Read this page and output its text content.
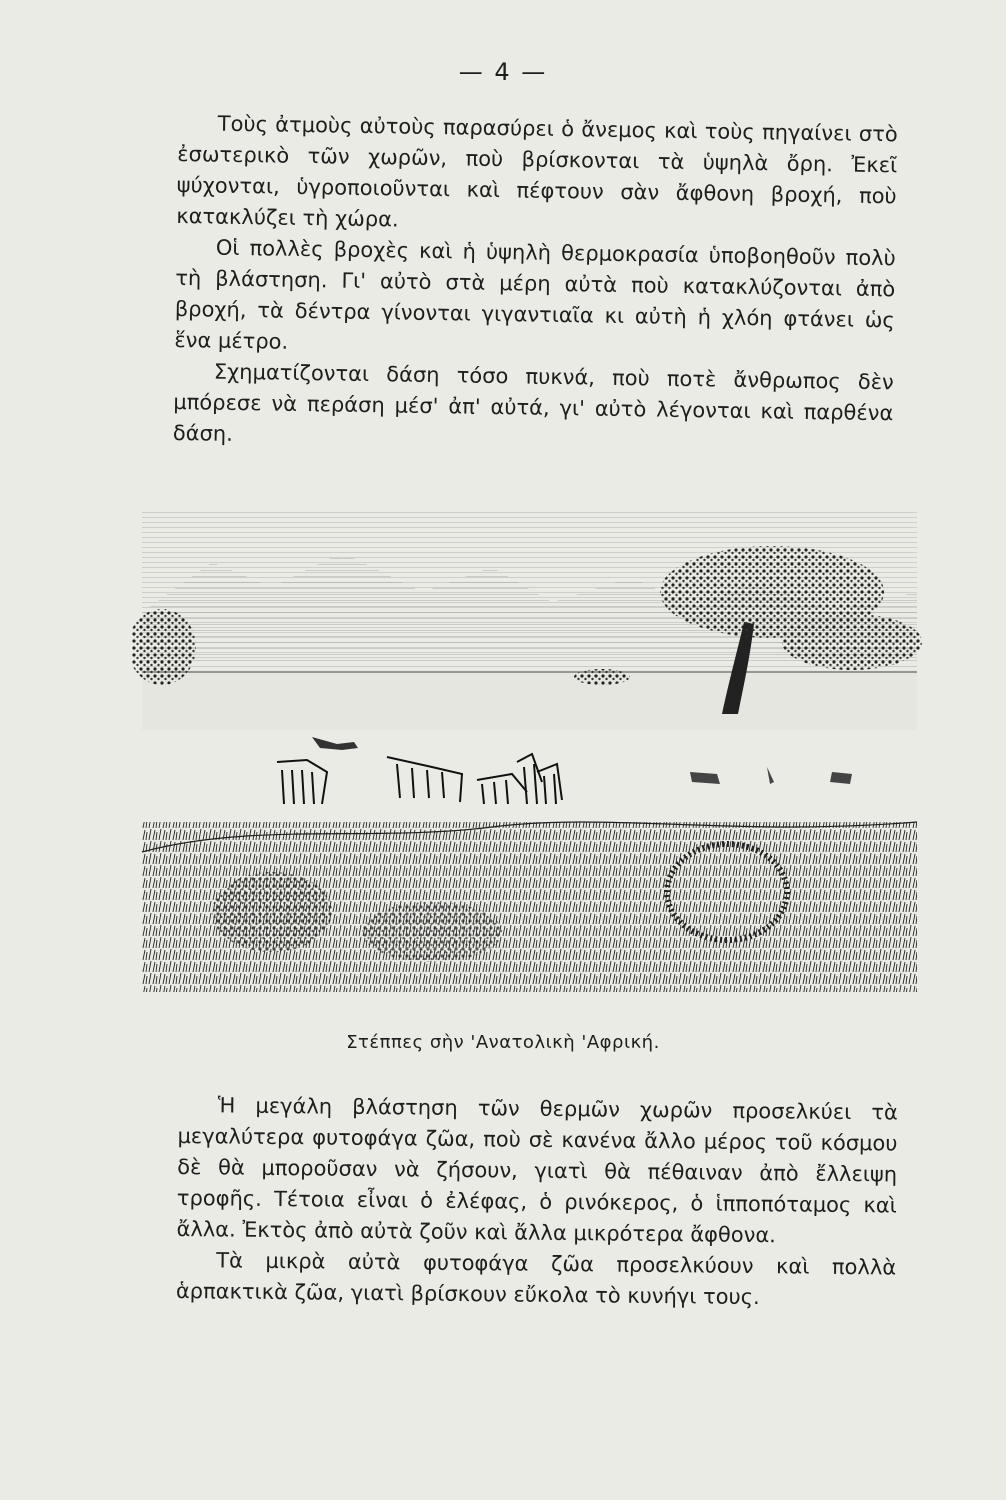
— 4 —

Τοὺς ἀτμοὺς αὐτοὺς παρασύρει ὁ ἄνεμος καὶ τοὺς πηγαίνει στὸ ἐσωτερικὸ τῶν χωρῶν, ποὺ βρίσκονται τὰ ὑψηλὰ ὄρη. Ἐκεῖ ψύχονται, ὑγροποιοῦνται καὶ πέφτουν σὰν ἄφθονη βροχή, ποὺ κατακλύζει τὴ χώρα.

Οἱ πολλὲς βροχὲς καὶ ἡ ὑψηλὴ θερμοκρασία ὑποβοηθοῦν πολὺ τὴ βλάστηση. Γι' αὐτὸ στὰ μέρη αὐτὰ ποὺ κατακλύζονται ἀπὸ βροχή, τὰ δέντρα γίνονται γιγαντιαῖα κι αὐτὴ ἡ χλόη φτάνει ὡς ἕνα μέτρο.

Σχηματίζονται δάση τόσο πυκνά, ποὺ ποτὲ ἄνθρωπος δὲν μπόρεσε νὰ περάση μέσ' ἀπ' αὐτά, γι' αὐτὸ λέγονται καὶ παρθένα δάση.

Στέππες σὴν 'Ανατολικὴ 'Αφρική.

Ἡ μεγάλη βλάστηση τῶν θερμῶν χωρῶν προσελκύει τὰ μεγαλύτερα φυτοφάγα ζῶα, ποὺ σὲ κανένα ἄλλο μέρος τοῦ κόσμου δὲ θὰ μποροῦσαν νὰ ζήσουν, γιατὶ θὰ πέθαιναν ἀπὸ ἔλλειψη τροφῆς. Τέτοια εἶναι ὁ ἐλέφας, ὁ ρινόκερος, ὁ ἱπποπόταμος καὶ ἄλλα. Ἐκτὸς ἀπὸ αὐτὰ ζοῦν καὶ ἄλλα μικρότερα ἄφθονα.

Τὰ μικρὰ αὐτὰ φυτοφάγα ζῶα προσελκύουν καὶ πολλὰ ἁρπακτικὰ ζῶα, γιατὶ βρίσκουν εὔκολα τὸ κυνήγι τους.
